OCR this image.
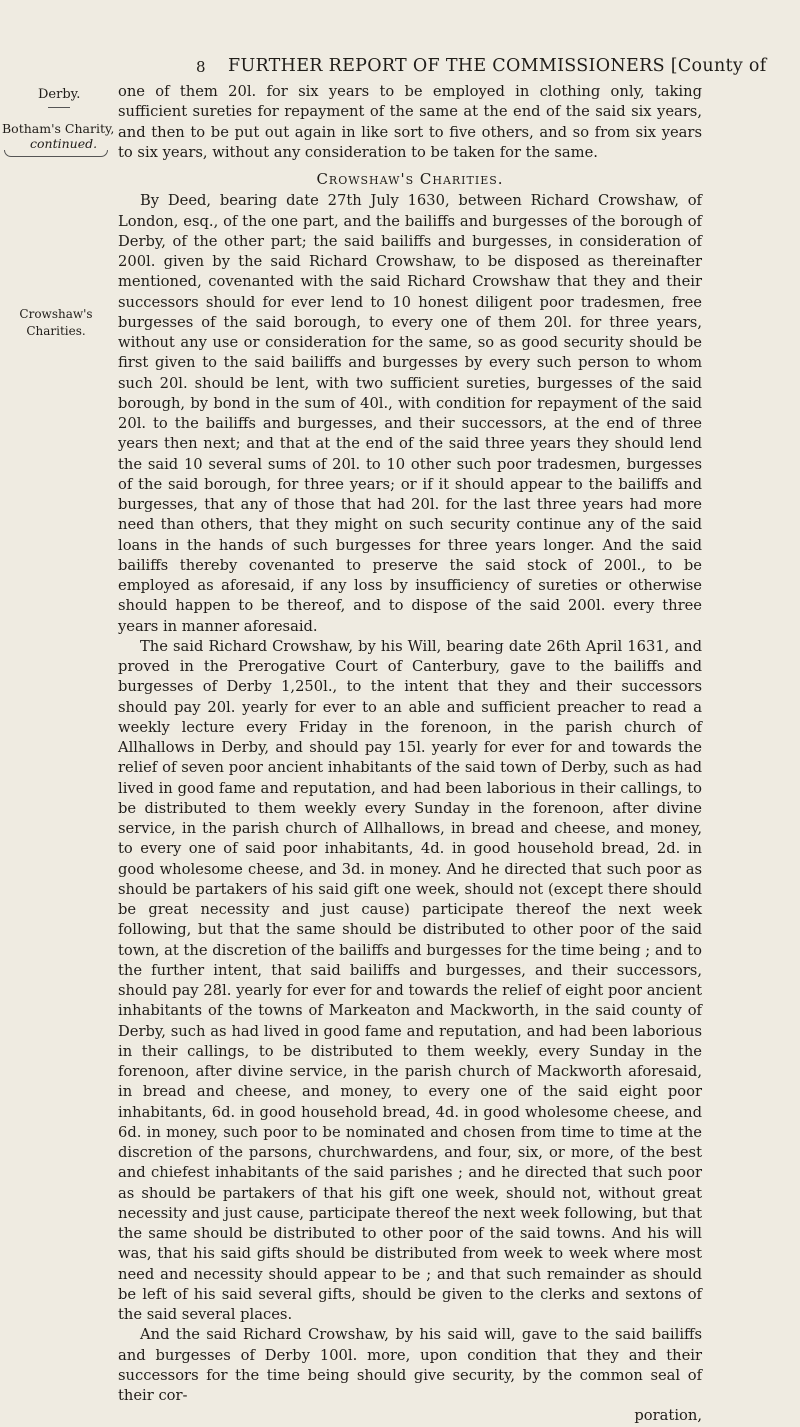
8 FURTHER REPORT OF THE COMMISSIONERS [County of
Derby.
Botham's Charity,
continued.
Crowshaw's Charities.

one of them 20l. for six years to be employed in clothing only, taking sufficient sureties for repayment of the same at the end of the said six years, and then to be put out again in like sort to five others, and so from six years to six years, without any consideration to be taken for the same.

Crowshaw's Charities.

By Deed, bearing date 27th July 1630, between Richard Crowshaw, of London, esq., of the one part, and the bailiffs and burgesses of the borough of Derby, of the other part; the said bailiffs and burgesses, in consideration of 200l. given by the said Richard Crowshaw, to be disposed as thereinafter mentioned, covenanted with the said Richard Crowshaw that they and their successors should for ever lend to 10 honest diligent poor tradesmen, free burgesses of the said borough, to every one of them 20l. for three years, without any use or consideration for the same, so as good security should be first given to the said bailiffs and burgesses by every such person to whom such 20l. should be lent, with two sufficient sureties, burgesses of the said borough, by bond in the sum of 40l., with condition for repayment of the said 20l. to the bailiffs and burgesses, and their successors, at the end of three years then next; and that at the end of the said three years they should lend the said 10 several sums of 20l. to 10 other such poor tradesmen, burgesses of the said borough, for three years; or if it should appear to the bailiffs and burgesses, that any of those that had 20l. for the last three years had more need than others, that they might on such security continue any of the said loans in the hands of such burgesses for three years longer. And the said bailiffs thereby covenanted to preserve the said stock of 200l., to be employed as aforesaid, if any loss by insufficiency of sureties or otherwise should happen to be thereof, and to dispose of the said 200l. every three years in manner aforesaid.

The said Richard Crowshaw, by his Will, bearing date 26th April 1631, and proved in the Prerogative Court of Canterbury, gave to the bailiffs and burgesses of Derby 1,250l., to the intent that they and their successors should pay 20l. yearly for ever to an able and sufficient preacher to read a weekly lecture every Friday in the forenoon, in the parish church of Allhallows in Derby, and should pay 15l. yearly for ever for and towards the relief of seven poor ancient inhabitants of the said town of Derby, such as had lived in good fame and reputation, and had been laborious in their callings, to be distributed to them weekly every Sunday in the forenoon, after divine service, in the parish church of Allhallows, in bread and cheese, and money, to every one of said poor inhabitants, 4d. in good household bread, 2d. in good wholesome cheese, and 3d. in money. And he directed that such poor as should be partakers of his said gift one week, should not (except there should be great necessity and just cause) participate thereof the next week following, but that the same should be distributed to other poor of the said town, at the discretion of the bailiffs and burgesses for the time being ; and to the further intent, that said bailiffs and burgesses, and their successors, should pay 28l. yearly for ever for and towards the relief of eight poor ancient inhabitants of the towns of Markeaton and Mackworth, in the said county of Derby, such as had lived in good fame and reputation, and had been laborious in their callings, to be distributed to them weekly, every Sunday in the forenoon, after divine service, in the parish church of Mackworth aforesaid, in bread and cheese, and money, to every one of the said eight poor inhabitants, 6d. in good household bread, 4d. in good wholesome cheese, and 6d. in money, such poor to be nominated and chosen from time to time at the discretion of the parsons, churchwardens, and four, six, or more, of the best and chiefest inhabitants of the said parishes ; and he directed that such poor as should be partakers of that his gift one week, should not, without great necessity and just cause, participate thereof the next week following, but that the same should be distributed to other poor of the said towns. And his will was, that his said gifts should be distributed from week to week where most need and necessity should appear to be ; and that such remainder as should be left of his said several gifts, should be given to the clerks and sextons of the said several places.

And the said Richard Crowshaw, by his said will, gave to the said bailiffs and burgesses of Derby 100l. more, upon condition that they and their successors for the time being should give security, by the common seal of their cor-

poration,
